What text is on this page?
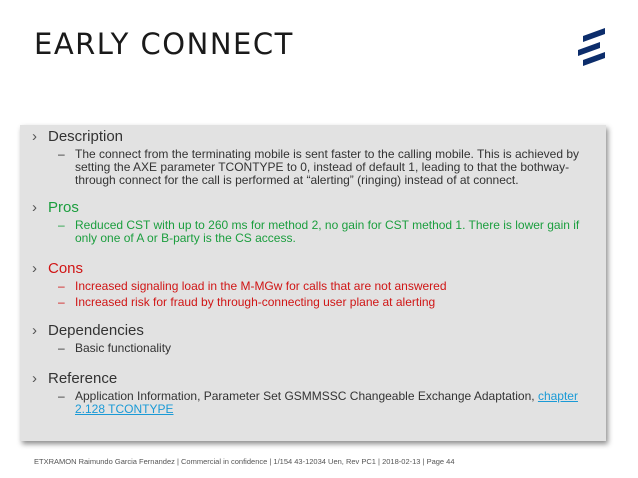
EARLY CONNECT
› Description
– The connect from the terminating mobile is sent faster to the calling mobile. This is achieved by setting the AXE parameter TCONTYPE to 0, instead of default 1, leading to that the bothway-through connect for the call is performed at “alerting” (ringing) instead of at connect.
› Pros
– Reduced CST with up to 260 ms for method 2, no gain for CST method 1. There is lower gain if only one of A or B-party is the CS access.
› Cons
– Increased signaling load in the M-MGw for calls that are not answered
– Increased risk for fraud by through-connecting user plane at alerting
› Dependencies
– Basic functionality
› Reference
– Application Information, Parameter Set GSMMSSC Changeable Exchange Adaptation, chapter 2.128 TCONTYPE
ETXRAMON Raimundo Garcia Fernandez | Commercial in confidence | 1/154 43-12034 Uen, Rev PC1 | 2018-02-13 | Page 44
